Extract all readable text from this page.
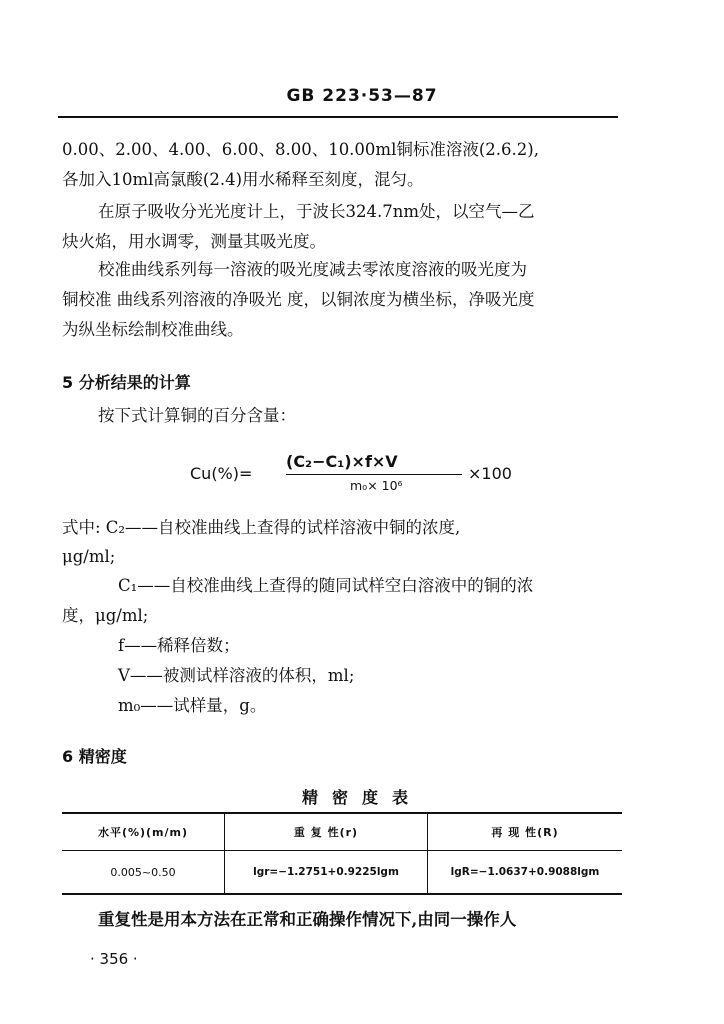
GB 223·53—87
0.00、2.00、4.00、6.00、8.00、10.00ml铜标准溶液(2.6.2),
各加入10ml高氯酸(2.4)用水稀释至刻度，混匀。
在原子吸收分光光度计上，于波长324.7nm处，以空气—乙
炔火焰，用水调零，测量其吸光度。
校准曲线系列每一溶液的吸光度减去零浓度溶液的吸光度为
铜校准 曲线系列溶液的净吸光 度，以铜浓度为横坐标，净吸光度
为纵坐标绘制校准曲线。
5 分析结果的计算
按下式计算铜的百分含量：
Cu(%)=
(C₂−C₁)×f×V
m₀× 10⁶
×100
式中: C₂——自校准曲线上查得的试样溶液中铜的浓度,
μg/ml;
C₁——自校准曲线上查得的随同试样空白溶液中的铜的浓
度，μg/ml;
f——稀释倍数；
V——被测试样溶液的体积，ml;
m₀——试样量，g。
6 精密度
精密度表
水平(%)(m/m)	重 复 性(r)	再 现 性(R)
0.005~0.50	lgr=−1.2751+0.9225lgm	lgR=−1.0637+0.9088lgm
重复性是用本方法在正常和正确操作情况下,由同一操作人
· 356 ·
